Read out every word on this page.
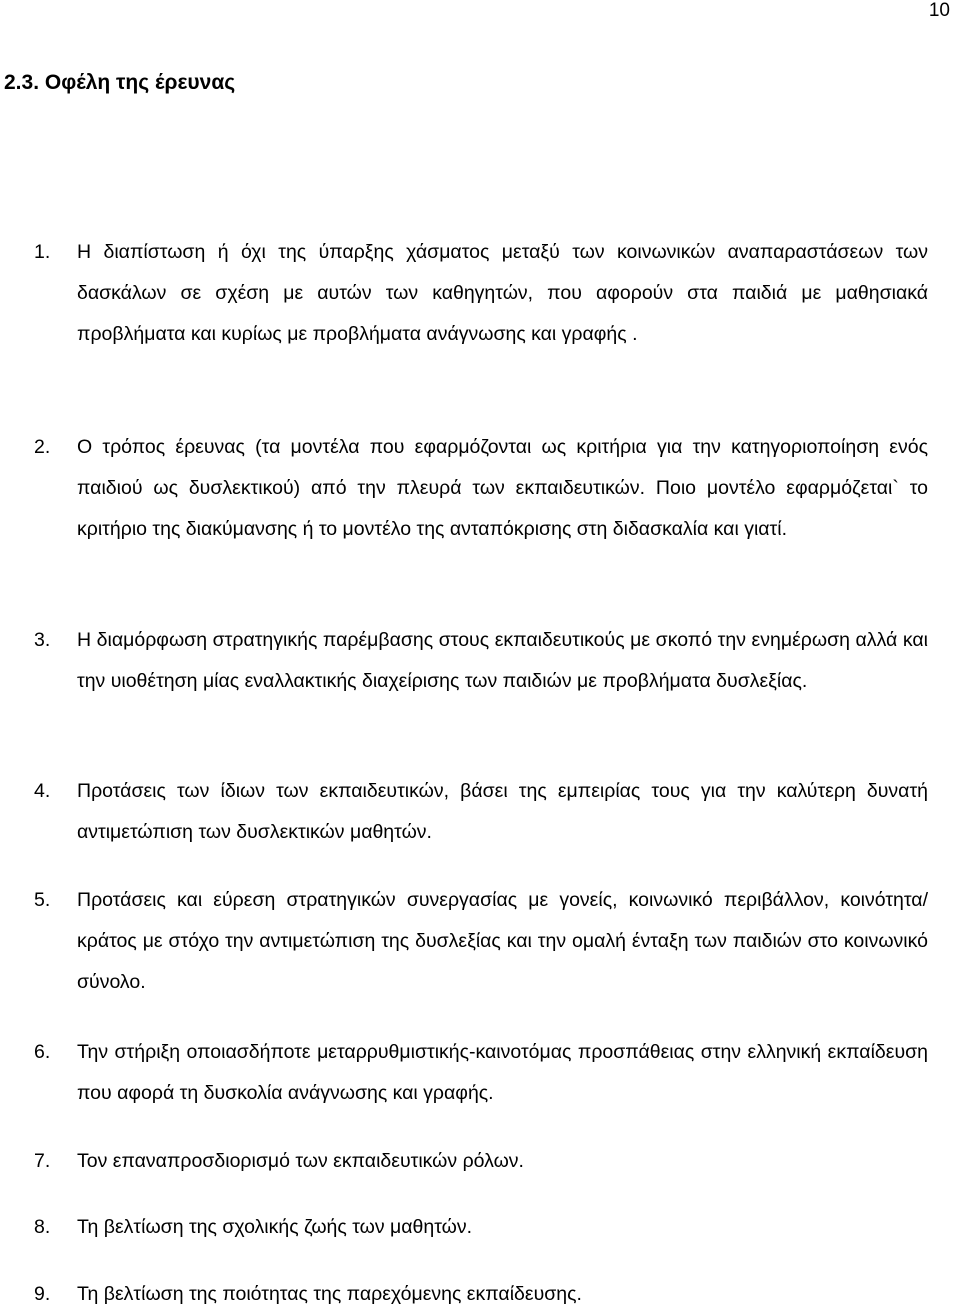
10
2.3. Οφέλη της έρευνας
1.	Η διαπίστωση ή όχι της ύπαρξης χάσματος μεταξύ των κοινωνικών αναπαραστάσεων των δασκάλων σε σχέση με αυτών των καθηγητών, που αφορούν στα παιδιά με μαθησιακά προβλήματα και κυρίως με προβλήματα ανάγνωσης και γραφής .
2.	Ο τρόπος έρευνας (τα μοντέλα που εφαρμόζονται ως κριτήρια για την κατηγοριοποίηση ενός παιδιού ως δυσλεκτικού) από την πλευρά των εκπαιδευτικών. Ποιο μοντέλο εφαρμόζεται` το κριτήριο της διακύμανσης ή το μοντέλο της ανταπόκρισης στη διδασκαλία και γιατί.
3.	Η διαμόρφωση στρατηγικής παρέμβασης στους εκπαιδευτικούς με σκοπό την ενημέρωση αλλά και την υιοθέτηση μίας εναλλακτικής διαχείρισης των παιδιών με προβλήματα δυσλεξίας.
4.	Προτάσεις των ίδιων των εκπαιδευτικών, βάσει της εμπειρίας τους για την καλύτερη δυνατή αντιμετώπιση των δυσλεκτικών μαθητών.
5.	Προτάσεις και εύρεση στρατηγικών συνεργασίας με γονείς, κοινωνικό περιβάλλον, κοινότητα/κράτος με στόχο την αντιμετώπιση της δυσλεξίας και την ομαλή ένταξη των παιδιών στο κοινωνικό σύνολο.
6.	Την στήριξη οποιασδήποτε μεταρρυθμιστικής-καινοτόμας προσπάθειας στην ελληνική εκπαίδευση που αφορά τη δυσκολία ανάγνωσης και γραφής.
7.	Τον επαναπροσδιορισμό των εκπαιδευτικών ρόλων.
8.	Τη βελτίωση της σχολικής ζωής των μαθητών.
9.	Τη βελτίωση της ποιότητας της παρεχόμενης εκπαίδευσης.
